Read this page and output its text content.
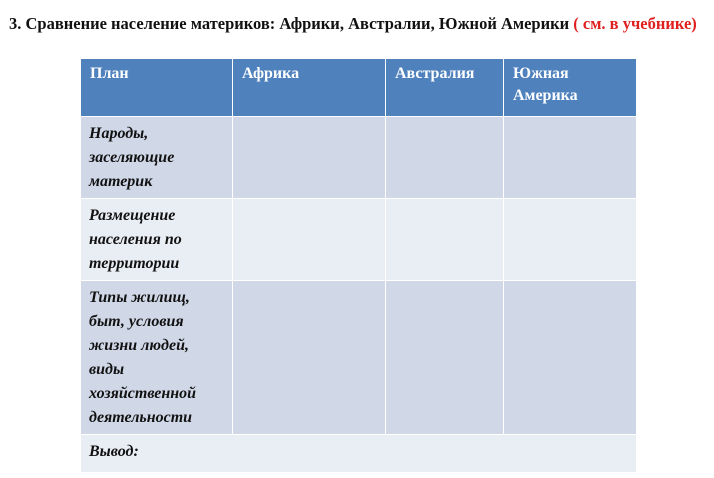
3. Сравнение население материков: Африки, Австралии, Южной Америки ( см. в учебнике)
План	Африка	Австралия	Южная Америка
Народы, заселяющие материк			
Размещение населения по территории			
Типы жилищ, быт, условия жизни людей, виды хозяйственной деятельности			
Вывод:			
